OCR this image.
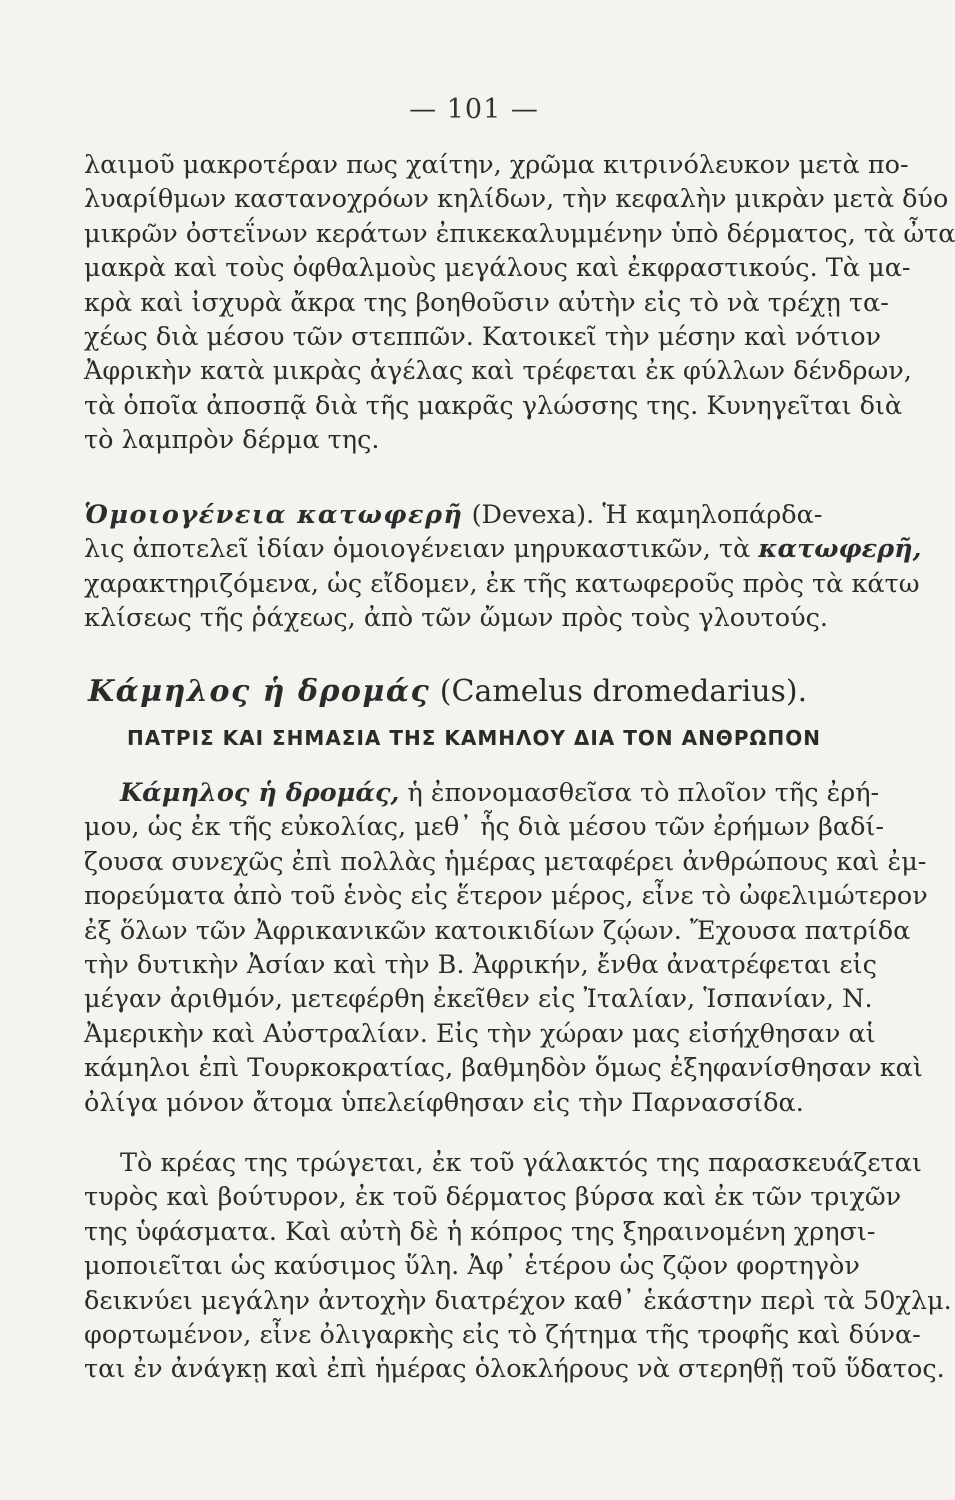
— 101 —
λαιμοῦ μακροτέραν πως χαίτην, χρῶμα κιτρινόλευκον μετὰ πο-
λυαρίθμων καστανοχρόων κηλίδων, τὴν κεφαλὴν μικρὰν μετὰ δύο
μικρῶν ὀστεΐνων κεράτων ἐπικεκαλυμμένην ὑπὸ δέρματος, τὰ ὦτα
μακρὰ καὶ τοὺς ὀφθαλμοὺς μεγάλους καὶ ἐκφραστικούς. Τὰ μα-
κρὰ καὶ ἰσχυρὰ ἄκρα της βοηθοῦσιν αὐτὴν εἰς τὸ νὰ τρέχῃ τα-
χέως διὰ μέσου τῶν στεππῶν. Κατοικεῖ τὴν μέσην καὶ νότιον
Ἀφρικὴν κατὰ μικρὰς ἀγέλας καὶ τρέφεται ἐκ φύλλων δένδρων,
τὰ ὁποῖα ἀποσπᾷ διὰ τῆς μακρᾶς γλώσσης της. Κυνηγεῖται διὰ
τὸ λαμπρὸν δέρμα της.
Ὁμοιογένεια κατωφερῆ (Devexa). Ἡ καμηλοπάρδα-
λις ἀποτελεῖ ἰδίαν ὁμοιογένειαν μηρυκαστικῶν, τὰ κατωφερῆ,
χαρακτηριζόμενα, ὡς εἴδομεν, ἐκ τῆς κατωφεροῦς πρὸς τὰ κάτω
κλίσεως τῆς ῥάχεως, ἀπὸ τῶν ὤμων πρὸς τοὺς γλουτούς.
Κάμηλος ἡ δρομάς (Camelus dromedarius).
ΠΑΤΡΙΣ ΚΑΙ ΣΗΜΑΣΙΑ ΤΗΣ ΚΑΜΗΛΟΥ ΔΙΑ ΤΟΝ ΑΝΘΡΩΠΟΝ
Κάμηλος ἡ δρομάς, ἡ ἐπονομασθεῖσα τὸ πλοῖον τῆς ἐρή-
μου, ὡς ἐκ τῆς εὐκολίας, μεθ᾿ ἧς διὰ μέσου τῶν ἐρήμων βαδί-
ζουσα συνεχῶς ἐπὶ πολλὰς ἡμέρας μεταφέρει ἀνθρώπους καὶ ἐμ-
πορεύματα ἀπὸ τοῦ ἑνὸς εἰς ἕτερον μέρος, εἶνε τὸ ὠφελιμώτερον
ἐξ ὅλων τῶν Ἀφρικανικῶν κατοικιδίων ζῴων. Ἔχουσα πατρίδα
τὴν δυτικὴν Ἀσίαν καὶ τὴν Β. Ἀφρικήν, ἔνθα ἀνατρέφεται εἰς
μέγαν ἀριθμόν, μετεφέρθη ἐκεῖθεν εἰς Ἰταλίαν, Ἱσπανίαν, Ν.
Ἀμερικὴν καὶ Αὐστραλίαν. Εἰς τὴν χώραν μας εἰσήχθησαν αἱ
κάμηλοι ἐπὶ Τουρκοκρατίας, βαθμηδὸν ὅμως ἐξηφανίσθησαν καὶ
ὀλίγα μόνον ἄτομα ὑπελείφθησαν εἰς τὴν Παρνασσίδα.
Τὸ κρέας της τρώγεται, ἐκ τοῦ γάλακτός της παρασκευάζεται
τυρὸς καὶ βούτυρον, ἐκ τοῦ δέρματος βύρσα καὶ ἐκ τῶν τριχῶν
της ὑφάσματα. Καὶ αὐτὴ δὲ ἡ κόπρος της ξηραινομένη χρησι-
μοποιεῖται ὡς καύσιμος ὕλη. Ἀφ᾿ ἑτέρου ὡς ζῷον φορτηγὸν
δεικνύει μεγάλην ἀντοχὴν διατρέχον καθ᾿ ἑκάστην περὶ τὰ 50χλμ.
φορτωμένον, εἶνε ὀλιγαρκὴς εἰς τὸ ζήτημα τῆς τροφῆς καὶ δύνα-
ται ἐν ἀνάγκῃ καὶ ἐπὶ ἡμέρας ὁλοκλήρους νὰ στερηθῇ τοῦ ὕδατος.
